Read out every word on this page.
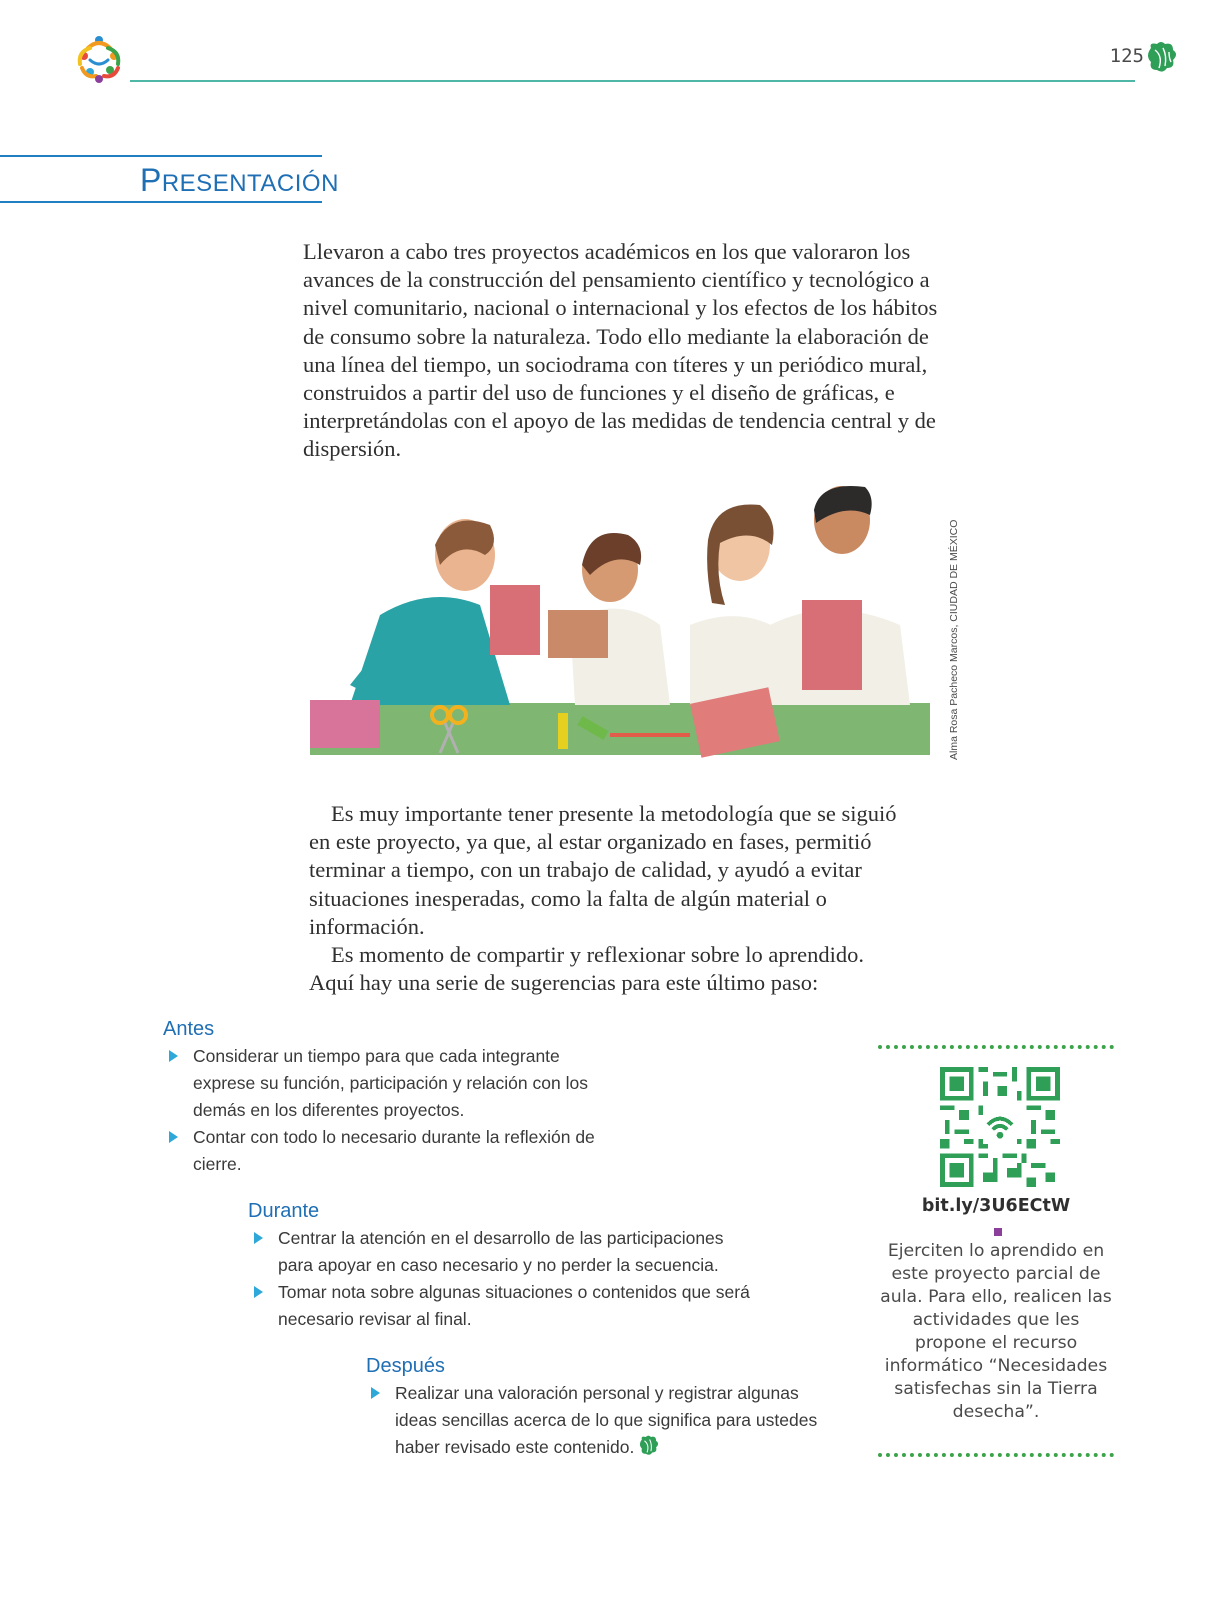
125
PRESENTACIÓN
Llevaron a cabo tres proyectos académicos en los que valoraron los avances de la construcción del pensamiento científico y tecnológico a nivel comunitario, nacional o internacional y los efectos de los hábitos de consumo sobre la naturaleza. Todo ello mediante la elaboración de una línea del tiempo, un sociodrama con títeres y un periódico mural, construidos a partir del uso de funciones y el diseño de gráficas, e interpretándolas con el apoyo de las medidas de tendencia central y de dispersión.
Alma Rosa Pacheco Marcos, CIUDAD DE MÉXICO
Es muy importante tener presente la metodología que se siguió en este proyecto, ya que, al estar organizado en fases, permitió terminar a tiempo, con un trabajo de calidad, y ayudó a evitar situaciones inesperadas, como la falta de algún material o información.
Es momento de compartir y reflexionar sobre lo aprendido. Aquí hay una serie de sugerencias para este último paso:
Antes
Considerar un tiempo para que cada integrante exprese su función, participación y relación con los demás en los diferentes proyectos.
Contar con todo lo necesario durante la reflexión de cierre.
Durante
Centrar la atención en el desarrollo de las participaciones para apoyar en caso necesario y no perder la secuencia.
Tomar nota sobre algunas situaciones o contenidos que será necesario revisar al final.
Después
Realizar una valoración personal y registrar algunas ideas sencillas acerca de lo que significa para ustedes haber revisado este contenido.
bit.ly/3U6ECtW
Ejerciten lo aprendido en este proyecto parcial de aula. Para ello, realicen las actividades que les propone el recurso informático “Necesidades satisfechas sin la Tierra desecha”.
